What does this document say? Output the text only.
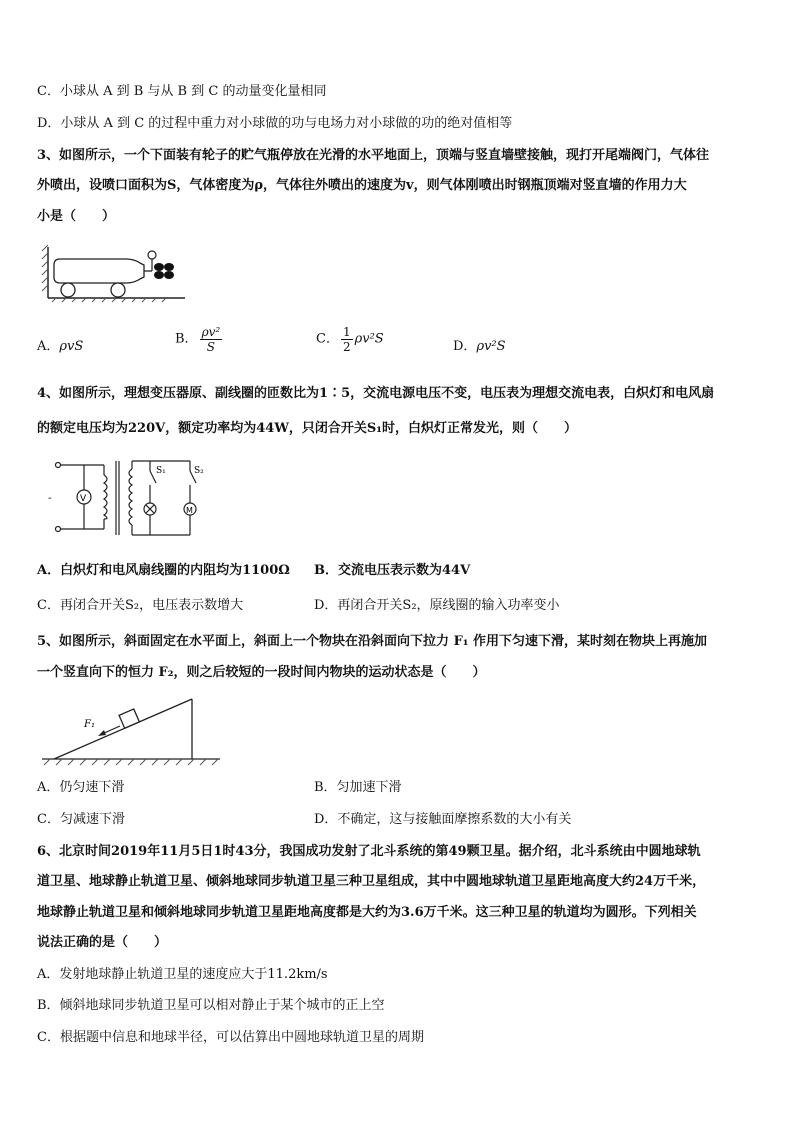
C．小球从 A 到 B 与从 B 到 C 的动量变化量相同
D．小球从 A 到 C 的过程中重力对小球做的功与电场力对小球做的功的绝对值相等
3、如图所示，一个下面装有轮子的贮气瓶停放在光滑的水平地面上，顶端与竖直墙壁接触，现打开尾端阀门，气体往
外喷出，设喷口面积为S，气体密度为ρ，气体往外喷出的速度为v，则气体刚喷出时钢瓶顶端对竖直墙的作用力大
小是（　　）
A．ρvS	B． $\frac{\text{ρv²}}{S}$	C． $\frac{1}{2} \rho v^2S$	D．ρv²S
4、如图所示，理想变压器原、副线圈的匝数比为1∶5，交流电源电压不变，电压表为理想交流电表，白炽灯和电风扇
的额定电压均为220V，额定功率均为44W，只闭合开关S₁时，白炽灯正常发光，则（　　）
-	V
M
S₁	S₂
A．白炽灯和电风扇线圈的内阻均为1100Ω B．交流电压表示数为44V
C．再闭合开关S₂，电压表示数增大	D．再闭合开关S₂，原线圈的输入功率变小
5、如图所示，斜面固定在水平面上，斜面上一个物块在沿斜面向下拉力 F₁ 作用下匀速下滑，某时刻在物块上再施加
一个竖直向下的恒力 F₂，则之后较短的一段时间内物块的运动状态是（　　）
F₁
A．仍匀速下滑	B．匀加速下滑
C．匀减速下滑	D．不确定，这与接触面摩擦系数的大小有关
6、北京时间2019年11月5日1时43分，我国成功发射了北斗系统的第49颗卫星。据介绍，北斗系统由中圆地球轨
道卫星、地球静止轨道卫星、倾斜地球同步轨道卫星三种卫星组成，其中中圆地球轨道卫星距地高度大约24万千米，
地球静止轨道卫星和倾斜地球同步轨道卫星距地高度都是大约为3.6万千米。这三种卫星的轨道均为圆形。下列相关
说法正确的是（　　）
A．发射地球静止轨道卫星的速度应大于11.2km/s
B．倾斜地球同步轨道卫星可以相对静止于某个城市的正上空
C．根据题中信息和地球半径，可以估算出中圆地球轨道卫星的周期
